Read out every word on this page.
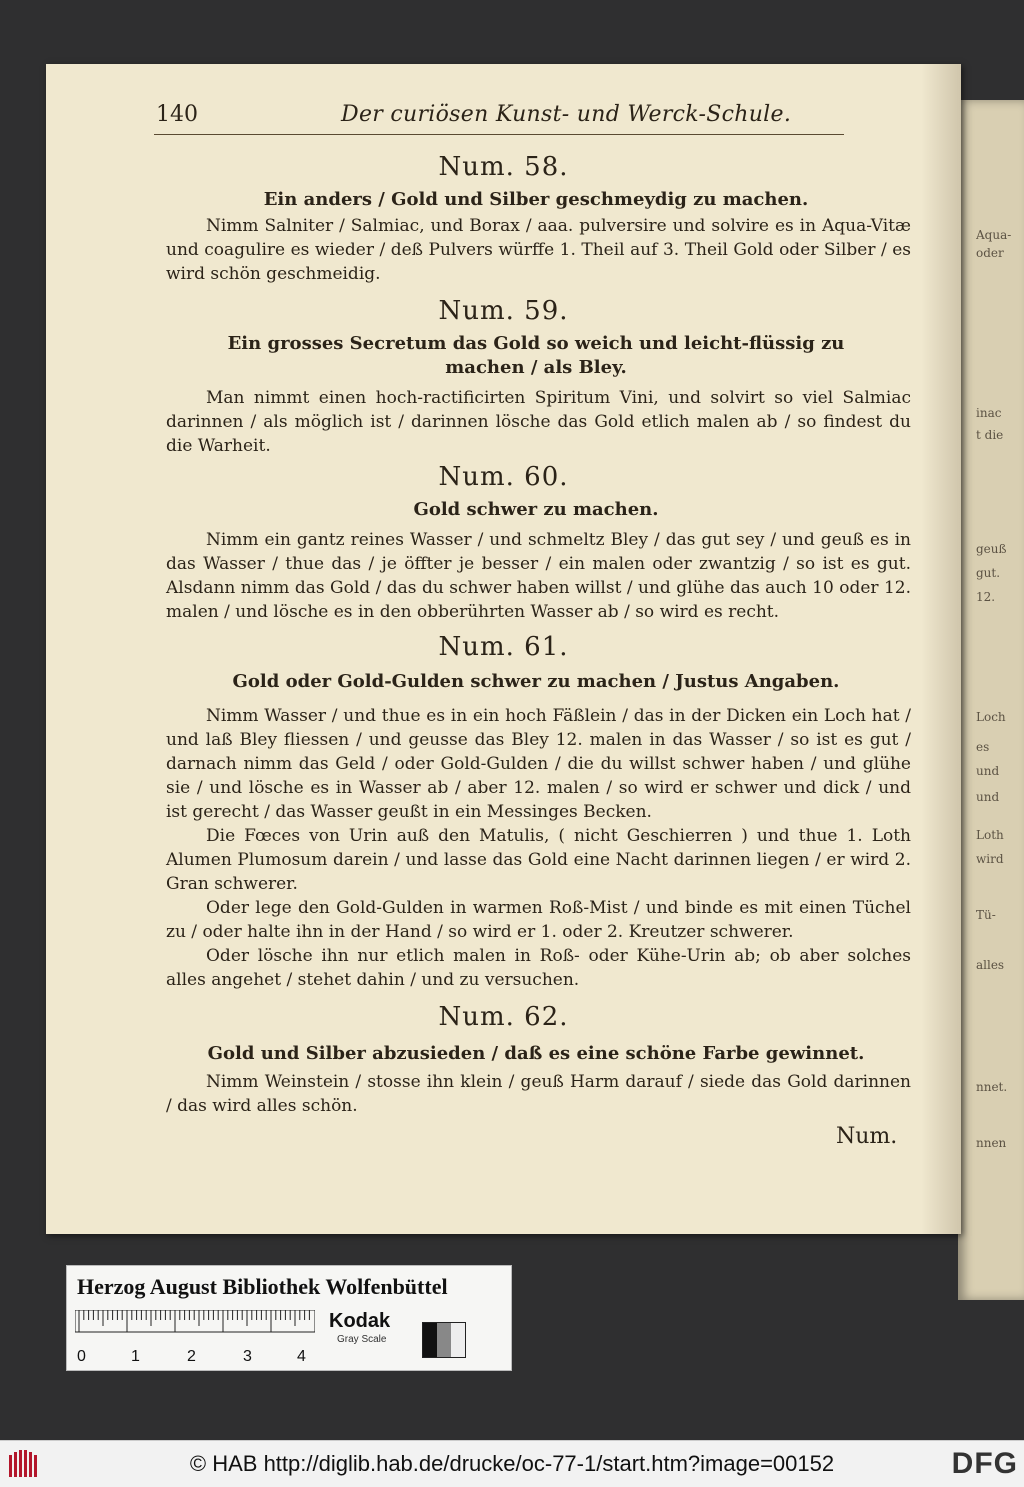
Aqua-
oder
inac
t die
geuß
gut.
12.
Loch
es
und
und
Loth
wird
Tü-
alles
nnet.
nnen
140	Der curiösen Kunst- und Werck-Schule.
Num. 58.
Ein anders / Gold und Silber geschmeydig zu machen.

Nimm Salniter / Salmiac, und Borax / aaa. pulversire und solvire es in Aqua-Vitæ und coagulire es wieder / deß Pulvers würffe 1. Theil auf 3. Theil Gold oder Silber / es wird schön geschmeidig.

Num. 59.
Ein grosses Secretum das Gold so weich und leicht-flüssig zu machen / als Bley.

Man nimmt einen hoch-ractificirten Spiritum Vini, und solvirt so viel Salmiac darinnen / als möglich ist / darinnen lösche das Gold etlich malen ab / so findest du die Warheit.

Num. 60.
Gold schwer zu machen.

Nimm ein gantz reines Wasser / und schmeltz Bley / das gut sey / und geuß es in das Wasser / thue das / je öffter je besser / ein malen oder zwantzig / so ist es gut. Alsdann nimm das Gold / das du schwer haben willst / und glühe das auch 10 oder 12. malen / und lösche es in den obberührten Wasser ab / so wird es recht.

Num. 61.
Gold oder Gold-Gulden schwer zu machen / Justus Angaben.

Nimm Wasser / und thue es in ein hoch Fäßlein / das in der Dicken ein Loch hat / und laß Bley fliessen / und geusse das Bley 12. malen in das Wasser / so ist es gut / darnach nimm das Geld / oder Gold-Gulden / die du willst schwer haben / und glühe sie / und lösche es in Wasser ab / aber 12. malen / so wird er schwer und dick / und ist gerecht / das Wasser geußt in ein Messinges Becken.

Die Fœces von Urin auß den Matulis, ( nicht Geschierren ) und thue 1. Loth Alumen Plumosum darein / und lasse das Gold eine Nacht darinnen liegen / er wird 2. Gran schwerer.

Oder lege den Gold-Gulden in warmen Roß-Mist / und binde es mit einen Tüchel zu / oder halte ihn in der Hand / so wird er 1. oder 2. Kreutzer schwerer.

Oder lösche ihn nur etlich malen in Roß- oder Kühe-Urin ab; ob aber solches alles angehet / stehet dahin / und zu versuchen.

Num. 62.
Gold und Silber abzusieden / daß es eine schöne Farbe gewinnet.

Nimm Weinstein / stosse ihn klein / geuß Harm darauf / siede das Gold darinnen / das wird alles schön.

Num.
Herzog August Bibliothek Wolfenbüttel
0	1	2	3	4
Kodak
Gray Scale
© HAB http://diglib.hab.de/drucke/oc-77-1/start.htm?image=00152	DFG
